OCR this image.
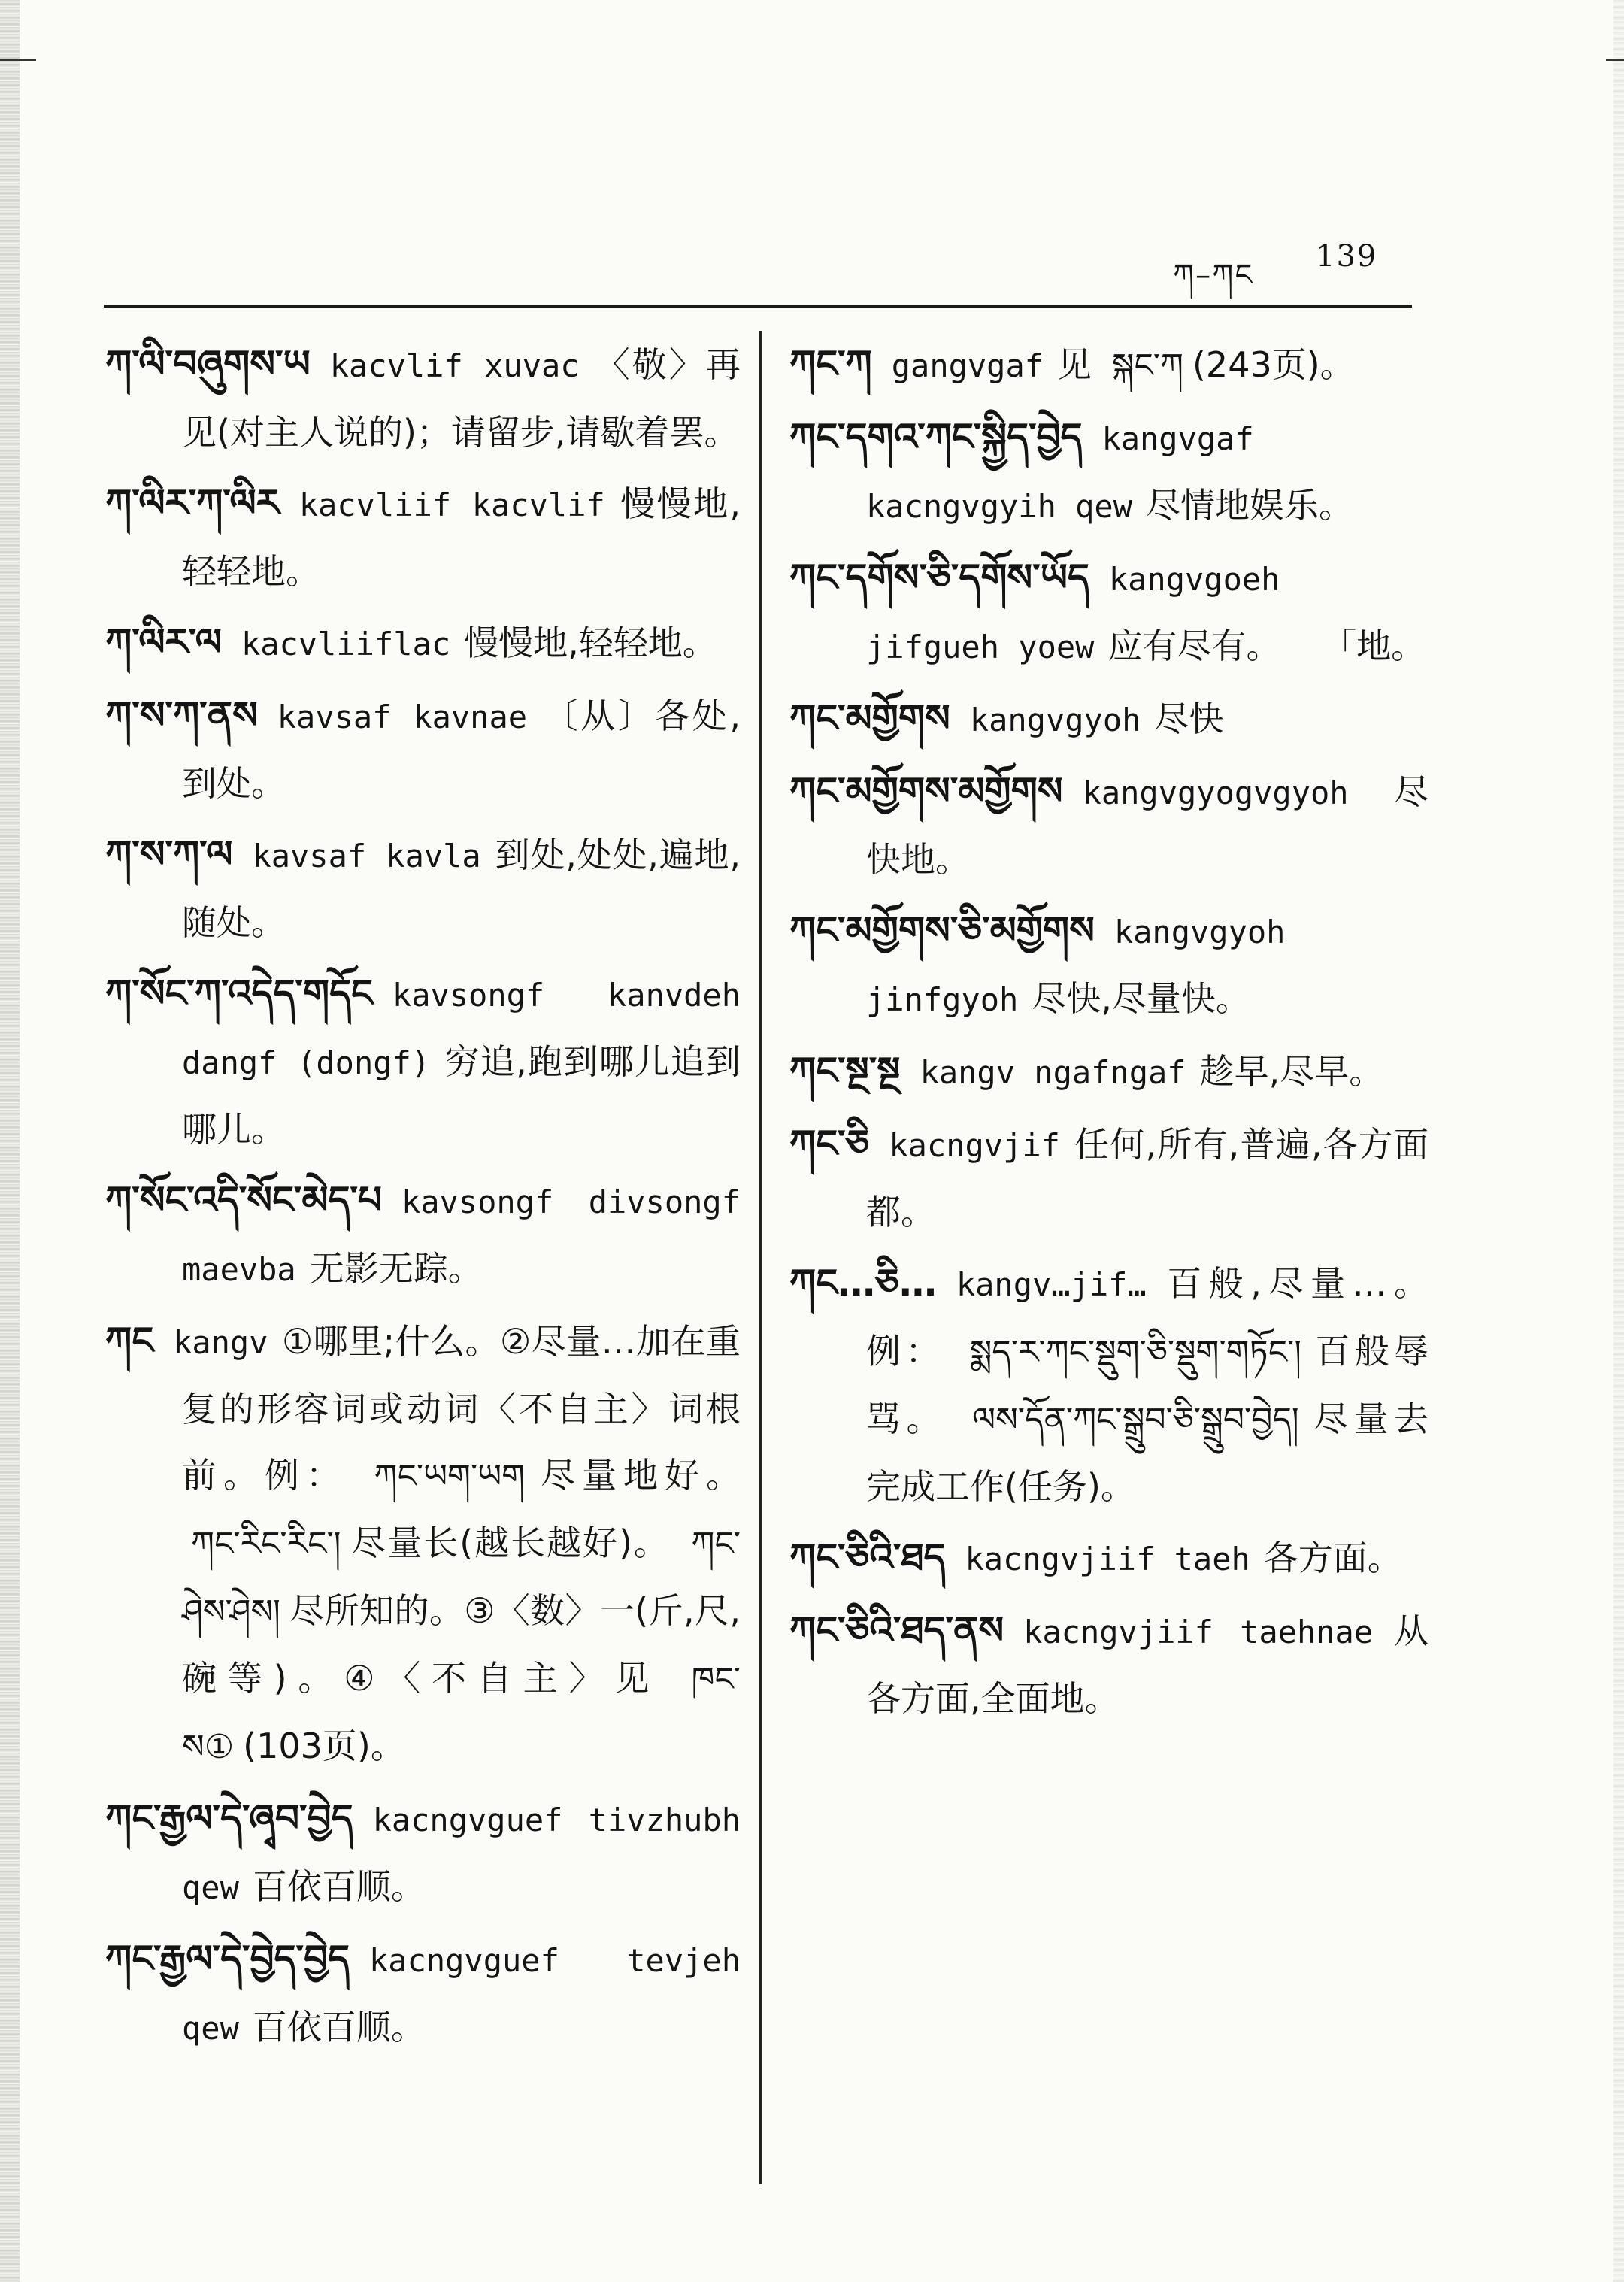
ཀ–ཀང
139
ཀ་ལི་བཞུགས་ཡ kacvlif xuvac 〈敬〉再见(对主人说的)；请留步,请歇着罢。
ཀ་ལིར་ཀ་ལིར kacvliif kacvlif 慢慢地,轻轻地。
ཀ་ལིར་ལ kacvliiflac 慢慢地,轻轻地。
ཀ་ས་ཀ་ནས kavsaf kavnae 〔从〕各处,到处。
ཀ་ས་ཀ་ལ kavsaf kavla 到处,处处,遍地,随处。
ཀ་སོང་ཀ་འདེད་གདོང kavsongf kanvdeh dangf (dongf) 穷追,跑到哪儿追到哪儿。
ཀ་སོང་འདི་སོང་མེད་པ kavsongf divsongf maevba 无影无踪。
ཀང kangv ①哪里;什么。②尽量…加在重复的形容词或动词〈不自主〉词根前。例： ཀང་ཡག་ཡག 尽量地好。 ཀང་རིང་རིང་། 尽量长(越长越好)。 ཀང་ཤེས་ཤེས། 尽所知的。③〈数〉一(斤,尺,碗等)。④〈不自主〉见 ཁང་ས① (103页)。
ཀང་རྒྱལ་དེ་ཞྭབ་བྱེད kacngvguef tivzhubh qew 百依百顺。
ཀང་རྒྱལ་དེ་བྱེད་བྱེད kacngvguef tevjeh qew 百依百顺。
ཀང་ཀ gangvgaf 见 སྐང་ཀ (243页)。
ཀང་དགའ་ཀང་སྐྱིད་བྱེད kangvgaf kacngvgyih qew 尽情地娱乐。
ཀང་དགོས་ཅི་དགོས་ཡོད kangvgoeh jifgueh yoew 应有尽有。 「地。
ཀང་མགྱོགས kangvgyoh 尽快
ཀང་མགྱོགས་མགྱོགས kangvgyogvgyoh 尽快地。
ཀང་མགྱོགས་ཅི་མགྱོགས kangvgyoh jinfgyoh 尽快,尽量快。
ཀང་སྔ་སྔ kangv ngafngaf 趁早,尽早。
ཀང་ཅི kacngvjif 任何,所有,普遍,各方面都。
ཀང…ཅི… kangv…jif… 百般,尽量…。例： སྨད་ར་ཀང་སྡུག་ཅི་སྡུག་གཏོང་། 百般辱骂。 ལས་དོན་ཀང་སྒྲུབ་ཅི་སྒྲུབ་བྱེད། 尽量去完成工作(任务)。
ཀང་ཅིའི་ཐད kacngvjiif taeh 各方面。
ཀང་ཅིའི་ཐད་ནས kacngvjiif taehnae 从各方面,全面地。
